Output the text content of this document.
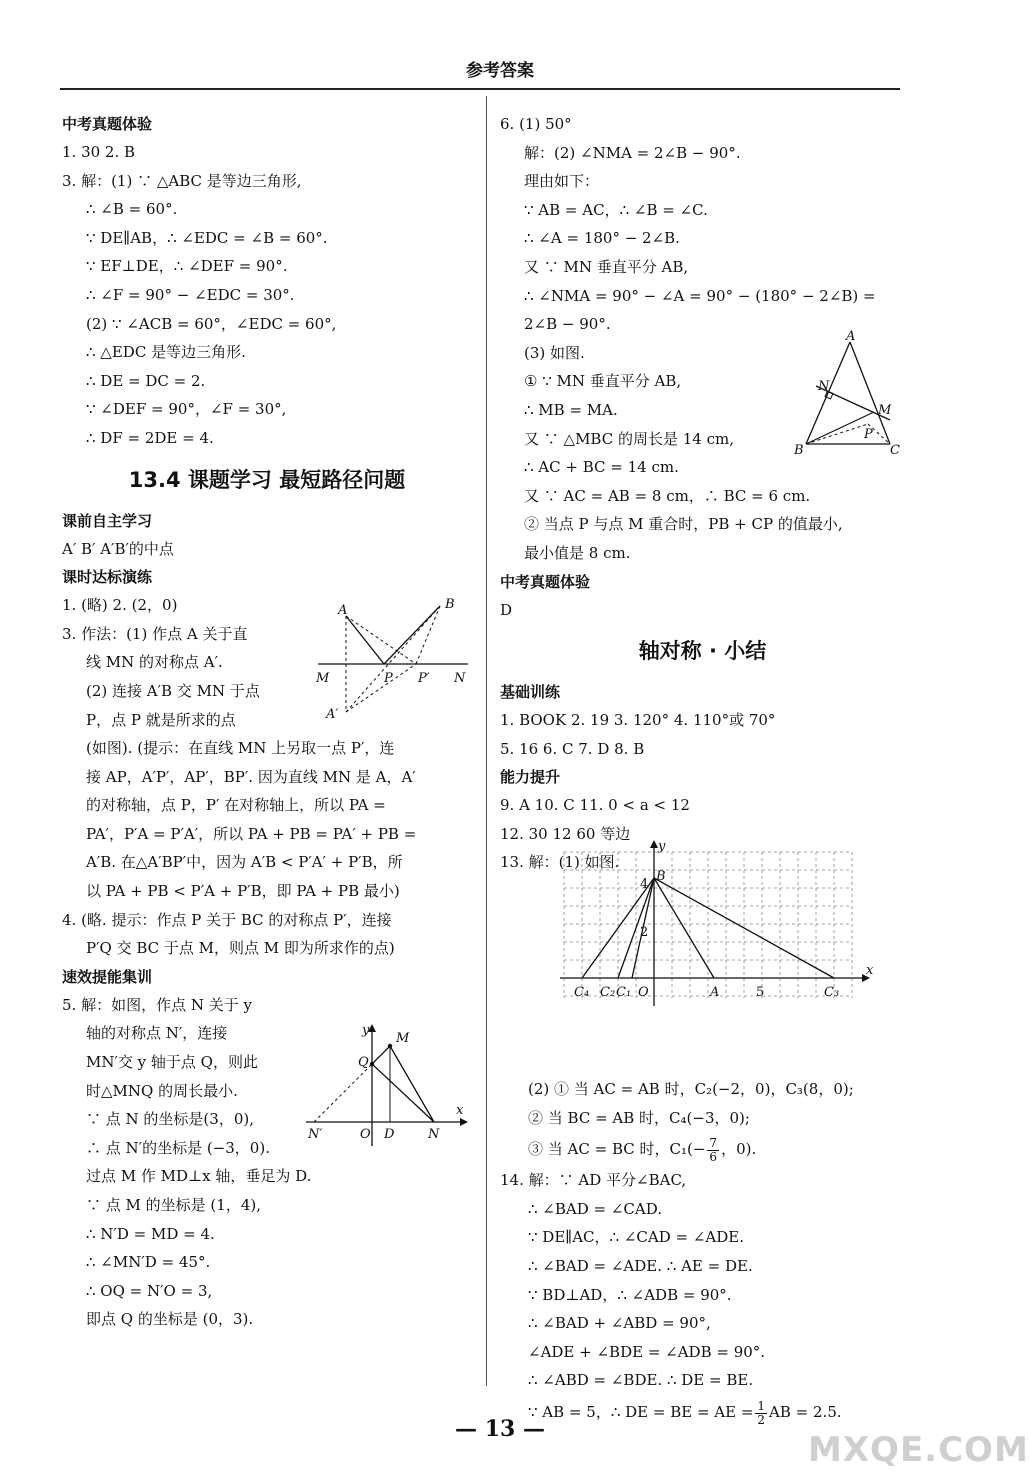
参考答案
中考真题体验
1. 30 2. B
3. 解：(1) ∵ △ABC 是等边三角形,
∴ ∠B = 60°.
∵ DE∥AB，∴ ∠EDC = ∠B = 60°.
∵ EF⊥DE，∴ ∠DEF = 90°.
∴ ∠F = 90° − ∠EDC = 30°.
(2) ∵ ∠ACB = 60°，∠EDC = 60°,
∴ △EDC 是等边三角形.
∴ DE = DC = 2.
∵ ∠DEF = 90°，∠F = 30°,
∴ DF = 2DE = 4.
13.4 课题学习 最短路径问题
课前自主学习
A′ B′ A′B′的中点
课时达标演练
1. (略) 2. (2，0)
3. 作法：(1) 作点 A 关于直
线 MN 的对称点 A′.
(2) 连接 A′B 交 MN 于点
P，点 P 就是所求的点
(如图). (提示：在直线 MN 上另取一点 P′，连
接 AP，A′P′，AP′，BP′. 因为直线 MN 是 A，A′
的对称轴，点 P，P′ 在对称轴上，所以 PA =
PA′，P′A = P′A′，所以 PA + PB = PA′ + PB =
A′B. 在△A′BP′中，因为 A′B < P′A′ + P′B，所
以 PA + PB < P′A + P′B，即 PA + PB 最小)
4. (略. 提示：作点 P 关于 BC 的对称点 P′，连接
P′Q 交 BC 于点 M，则点 M 即为所求作的点)
速效提能集训
5. 解：如图，作点 N 关于 y
轴的对称点 N′，连接
MN′交 y 轴于点 Q，则此
时△MNQ 的周长最小.
∵ 点 N 的坐标是(3，0),
∴ 点 N′的坐标是 (−3，0).
过点 M 作 MD⊥x 轴，垂足为 D.
∵ 点 M 的坐标是 (1，4),
∴ N′D = MD = 4.
∴ ∠MN′D = 45°.
∴ OQ = N′O = 3,
即点 Q 的坐标是 (0，3).
6. (1) 50°
解：(2) ∠NMA = 2∠B − 90°.
理由如下：
∵ AB = AC，∴ ∠B = ∠C.
∴ ∠A = 180° − 2∠B.
又 ∵ MN 垂直平分 AB,
∴ ∠NMA = 90° − ∠A = 90° − (180° − 2∠B) =
2∠B − 90°.
(3) 如图.
① ∵ MN 垂直平分 AB,
∴ MB = MA.
又 ∵ △MBC 的周长是 14 cm,
∴ AC + BC = 14 cm.
又 ∵ AC = AB = 8 cm，∴ BC = 6 cm.
② 当点 P 与点 M 重合时，PB + CP 的值最小,
最小值是 8 cm.
中考真题体验
D
轴对称 · 小结
基础训练
1. BOOK 2. 19 3. 120° 4. 110°或 70°
5. 16 6. C 7. D 8. B
能力提升
9. A 10. C 11. 0 < a < 12
12. 30 12 60 等边
13. 解：(1) 如图.
(2) ① 当 AC = AB 时，C₂(−2，0)，C₃(8，0);
② 当 BC = AB 时，C₄(−3，0);
③ 当 AC = BC 时，$C_1(- \frac{7}{6}$ ，0).
14. 解：∵ AD 平分∠BAC,
∴ ∠BAD = ∠CAD.
∵ DE∥AC，∴ ∠CAD = ∠ADE.
∴ ∠BAD = ∠ADE. ∴ AE = DE.
∵ BD⊥AD，∴ ∠ADB = 90°.
∴ ∠BAD + ∠ABD = 90°,
∠ADE + ∠BDE = ∠ADB = 90°.
∴ ∠ABD = ∠BDE. ∴ DE = BE.
∵ AB = 5，∴ DE = BE = AE = $\frac{1}{2}$ AB = 2.5.
A	B
M	P P′ N
A′
y
M
Q
x
N′	O D	N
A
N
M
P
B	C
y
B
4
2
x
C₄ C₂ C₁ O	A	5	C₃
— 13 —
MXQE.COM
